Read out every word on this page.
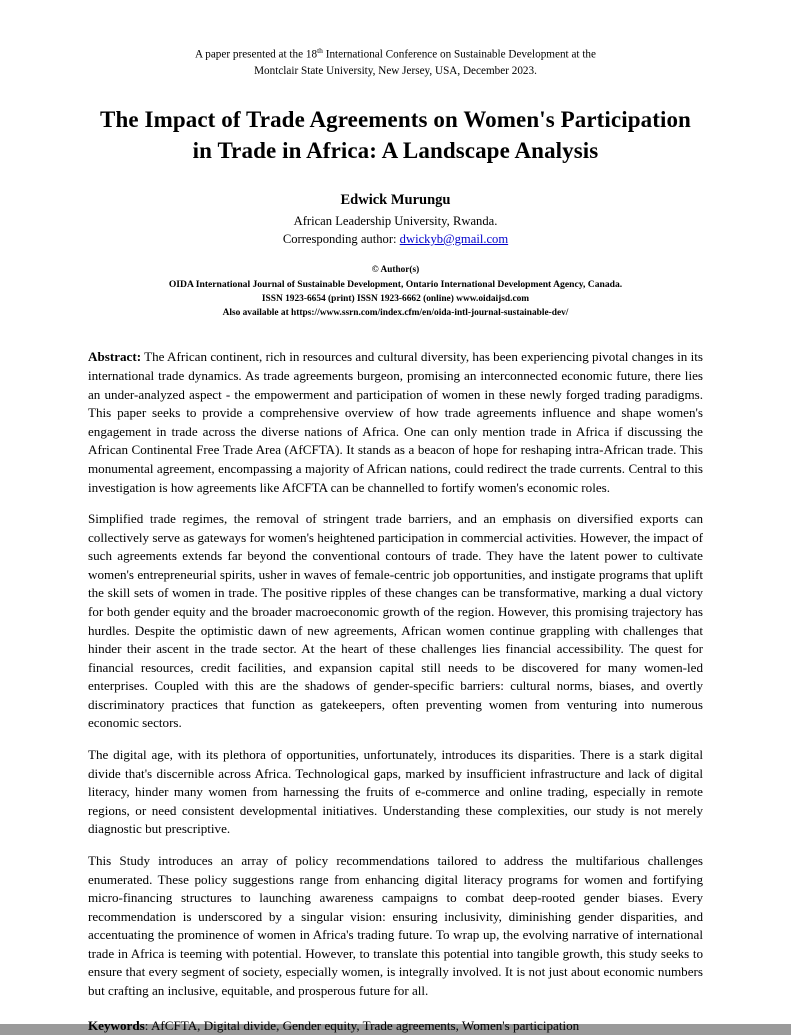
A paper presented at the 18th International Conference on Sustainable Development at the
Montclair State University, New Jersey, USA, December 2023.
The Impact of Trade Agreements on Women's Participation
in Trade in Africa: A Landscape Analysis
Edwick Murungu
African Leadership University, Rwanda.
Corresponding author: dwickyb@gmail.com
© Author(s)
OIDA International Journal of Sustainable Development, Ontario International Development Agency, Canada.
ISSN 1923-6654 (print) ISSN 1923-6662 (online) www.oidaijsd.com
Also available at https://www.ssrn.com/index.cfm/en/oida-intl-journal-sustainable-dev/

Abstract: The African continent, rich in resources and cultural diversity, has been experiencing pivotal changes in its international trade dynamics. As trade agreements burgeon, promising an interconnected economic future, there lies an under-analyzed aspect - the empowerment and participation of women in these newly forged trading paradigms. This paper seeks to provide a comprehensive overview of how trade agreements influence and shape women's engagement in trade across the diverse nations of Africa. One can only mention trade in Africa if discussing the African Continental Free Trade Area (AfCFTA). It stands as a beacon of hope for reshaping intra-African trade. This monumental agreement, encompassing a majority of African nations, could redirect the trade currents. Central to this investigation is how agreements like AfCFTA can be channelled to fortify women's economic roles.

Simplified trade regimes, the removal of stringent trade barriers, and an emphasis on diversified exports can collectively serve as gateways for women's heightened participation in commercial activities. However, the impact of such agreements extends far beyond the conventional contours of trade. They have the latent power to cultivate women's entrepreneurial spirits, usher in waves of female-centric job opportunities, and instigate programs that uplift the skill sets of women in trade. The positive ripples of these changes can be transformative, marking a dual victory for both gender equity and the broader macroeconomic growth of the region. However, this promising trajectory has hurdles. Despite the optimistic dawn of new agreements, African women continue grappling with challenges that hinder their ascent in the trade sector. At the heart of these challenges lies financial accessibility. The quest for financial resources, credit facilities, and expansion capital still needs to be discovered for many women-led enterprises. Coupled with this are the shadows of gender-specific barriers: cultural norms, biases, and overtly discriminatory practices that function as gatekeepers, often preventing women from venturing into numerous economic sectors.

The digital age, with its plethora of opportunities, unfortunately, introduces its disparities. There is a stark digital divide that's discernible across Africa. Technological gaps, marked by insufficient infrastructure and lack of digital literacy, hinder many women from harnessing the fruits of e-commerce and online trading, especially in remote regions, or need consistent developmental initiatives. Understanding these complexities, our study is not merely diagnostic but prescriptive.

This Study introduces an array of policy recommendations tailored to address the multifarious challenges enumerated. These policy suggestions range from enhancing digital literacy programs for women and fortifying micro-financing structures to launching awareness campaigns to combat deep-rooted gender biases. Every recommendation is underscored by a singular vision: ensuring inclusivity, diminishing gender disparities, and accentuating the prominence of women in Africa's trading future. To wrap up, the evolving narrative of international trade in Africa is teeming with potential. However, to translate this potential into tangible growth, this study seeks to ensure that every segment of society, especially women, is integrally involved. It is not just about economic numbers but crafting an inclusive, equitable, and prosperous future for all.

Keywords: AfCFTA, Digital divide, Gender equity, Trade agreements, Women's participation
